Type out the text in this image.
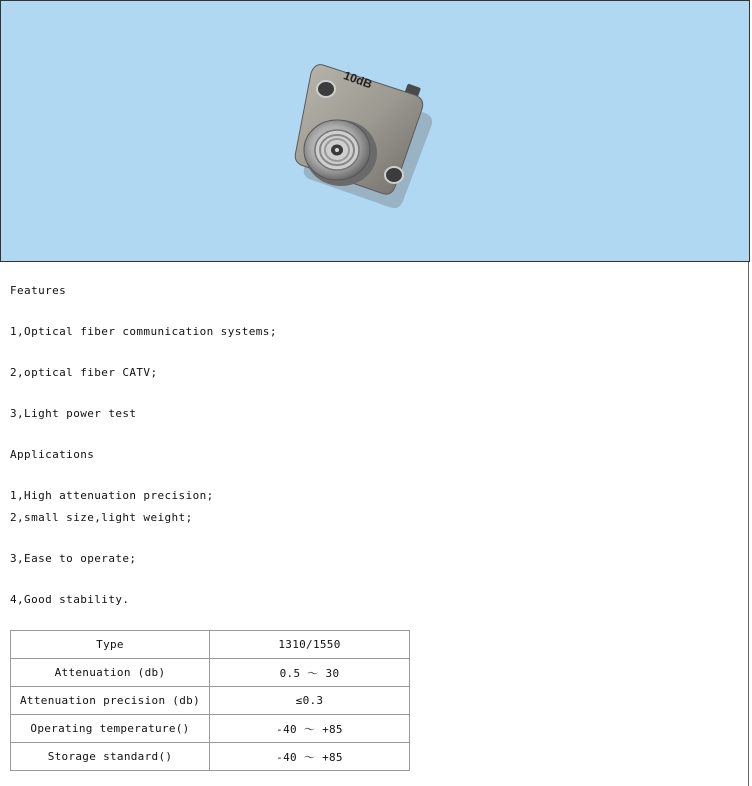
10dB
Features
1,Optical fiber communication systems;
2,optical fiber CATV;
3,Light power test
Applications
1,High attenuation precision;
2,small size,light weight;
3,Ease to operate;
4,Good stability.
Type	1310/1550
Attenuation (db)	0.5 ～ 30
Attenuation precision (db)	≤0.3
Operating temperature()	-40 ～ +85
Storage standard()	-40 ～ +85
